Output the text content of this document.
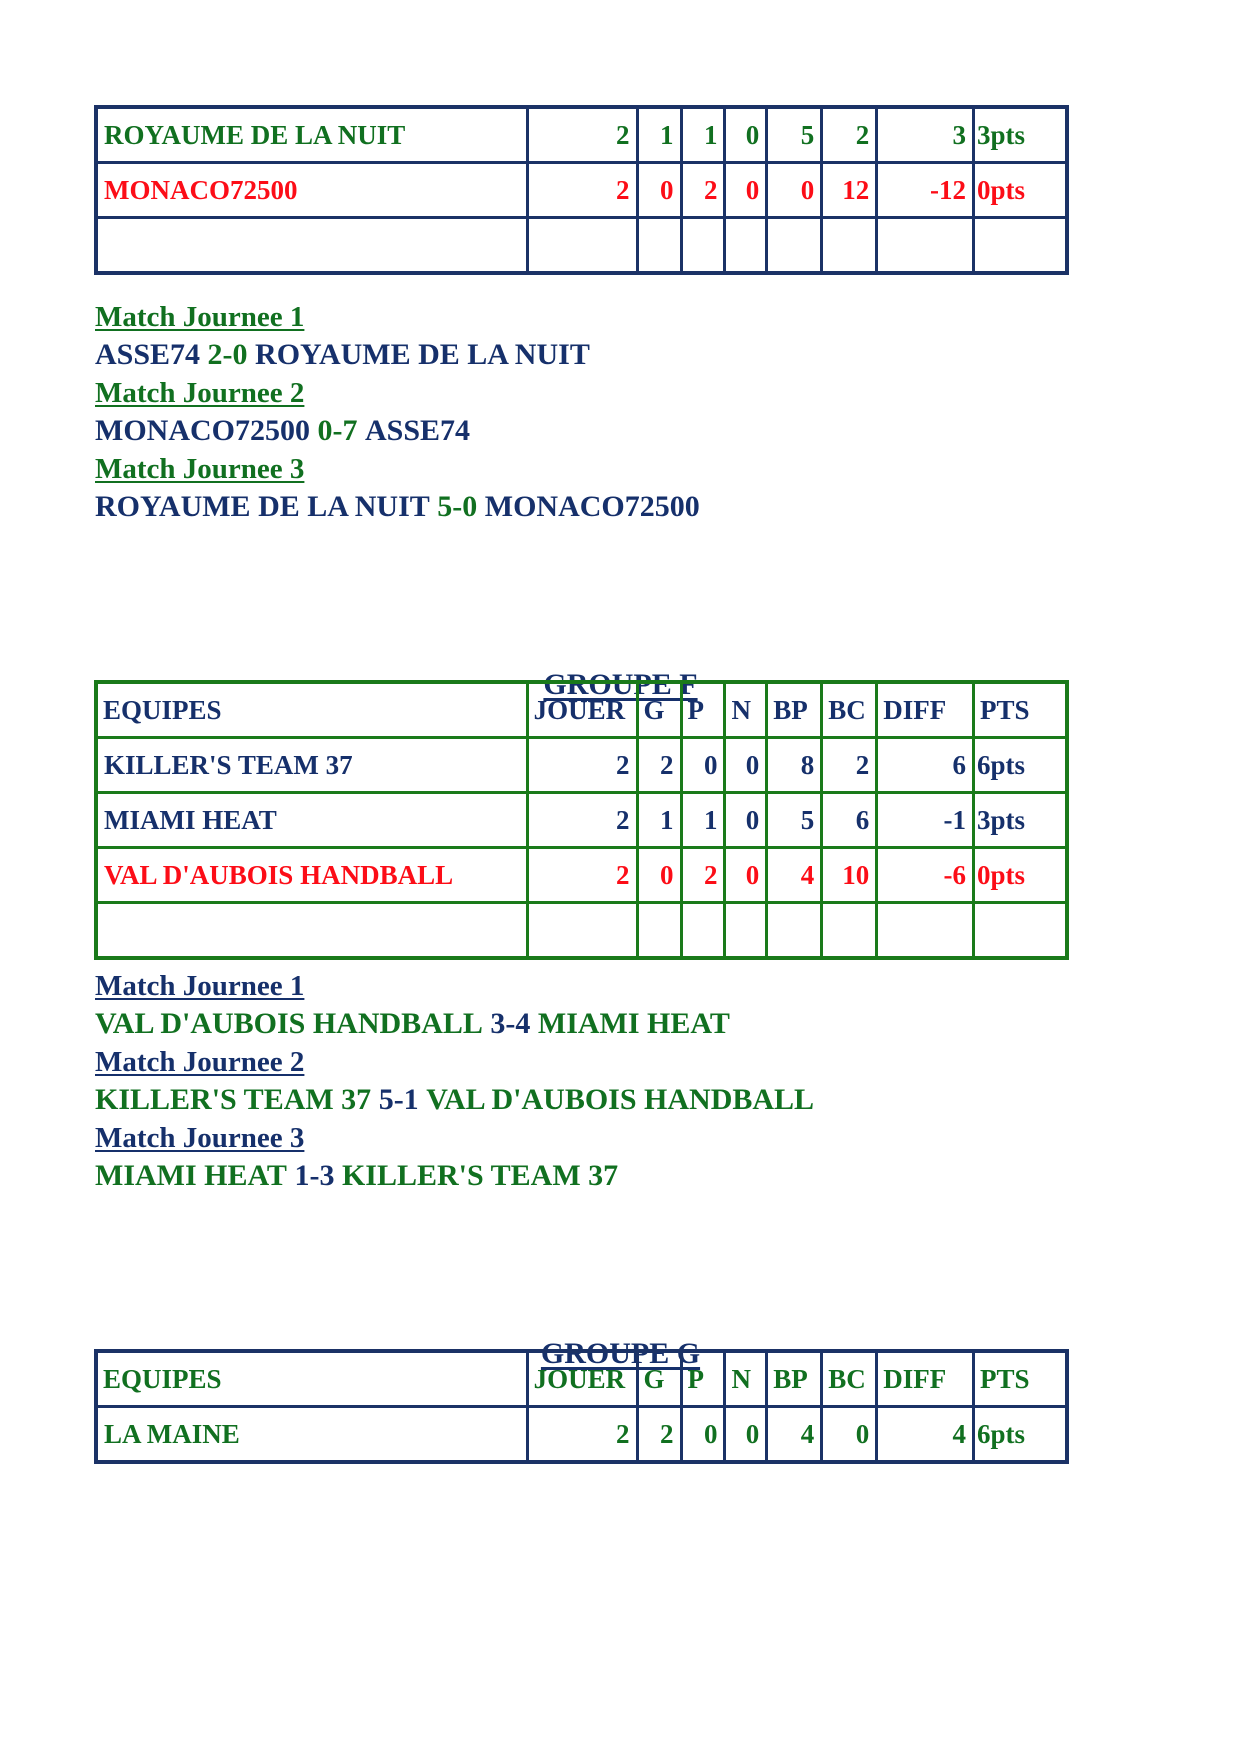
ROYAUME DE LA NUIT	2	1	1	0	5	2	3	3pts
MONACO72500	2	0	2	0	0	12	-12	0pts

Match Journee 1
ASSE74 2-0 ROYAUME DE LA NUIT
Match Journee 2
MONACO72500 0-7 ASSE74
Match Journee 3
ROYAUME DE LA NUIT 5-0 MONACO72500
GROUPE F
EQUIPES	JOUER	G	P	N	BP	BC	DIFF	PTS
KILLER'S TEAM 37	2	2	0	0	8	2	6	6pts
MIAMI HEAT	2	1	1	0	5	6	-1	3pts
VAL D'AUBOIS HANDBALL	2	0	2	0	4	10	-6	0pts

Match Journee 1
VAL D'AUBOIS HANDBALL 3-4 MIAMI HEAT
Match Journee 2
KILLER'S TEAM 37 5-1 VAL D'AUBOIS HANDBALL
Match Journee 3
MIAMI HEAT 1-3 KILLER'S TEAM 37
GROUPE G
EQUIPES	JOUER	G	P	N	BP	BC	DIFF	PTS
LA MAINE	2	2	0	0	4	0	4	6pts
